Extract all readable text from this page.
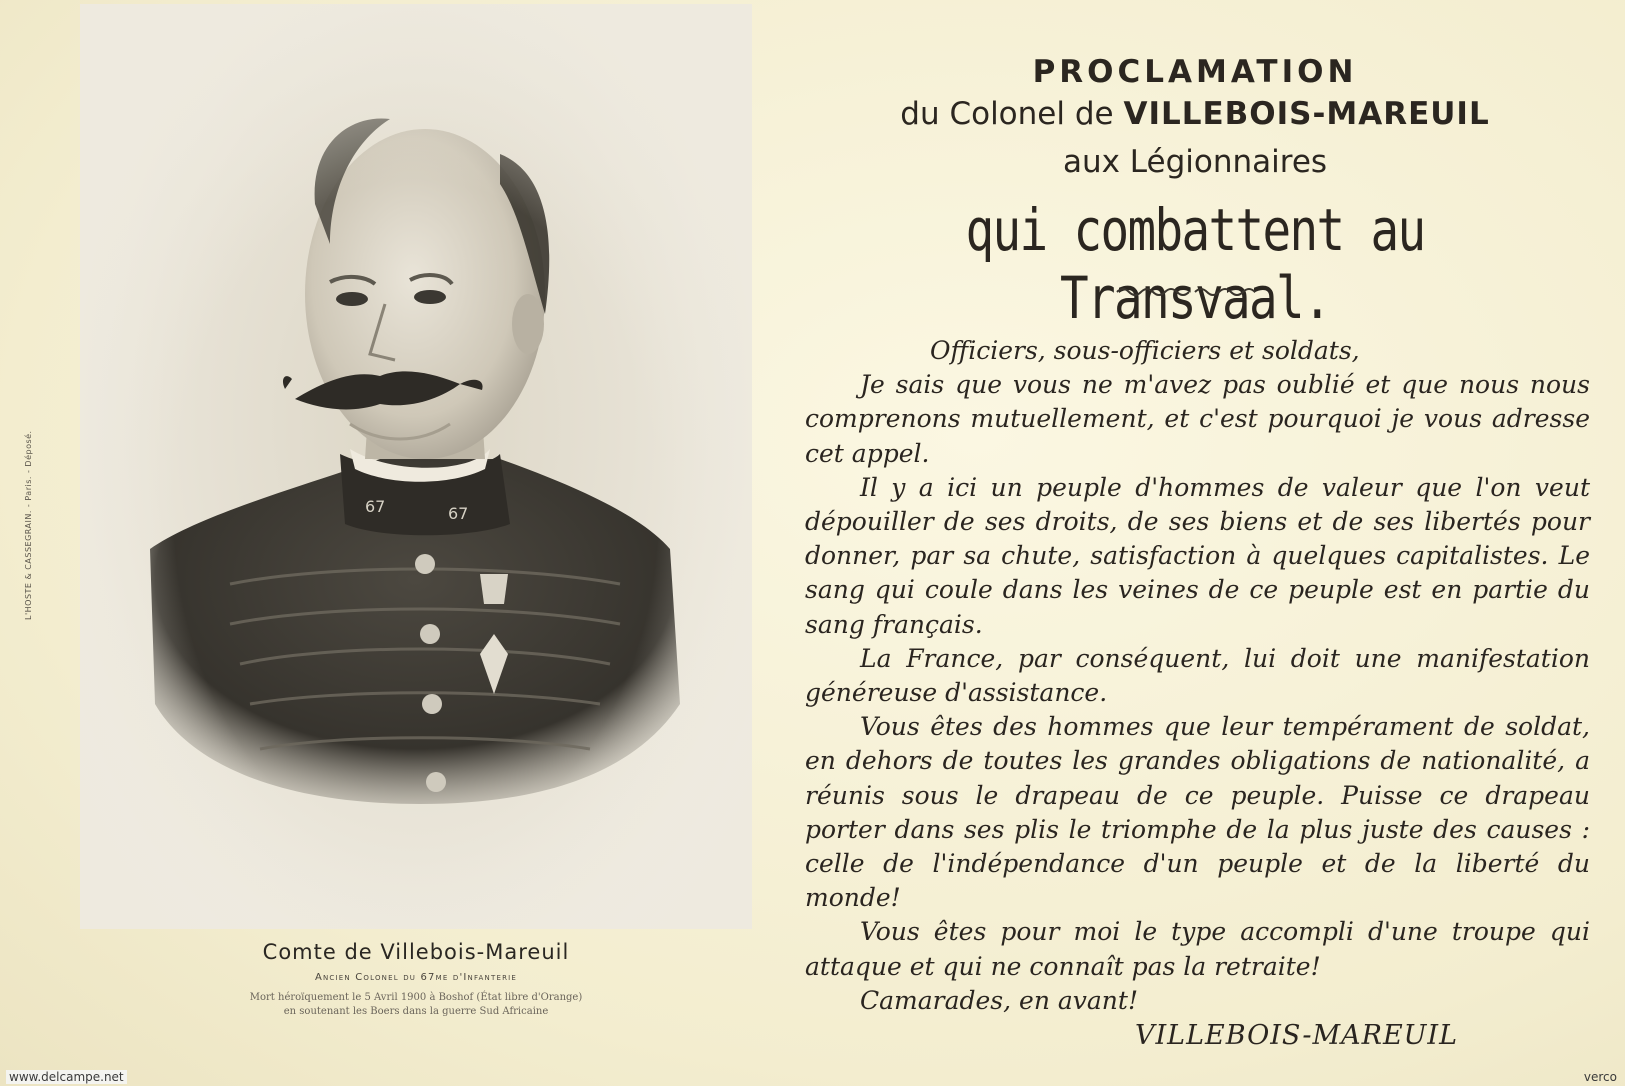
L'HOSTE & CASSEGRAIN. - Paris. - Déposé.

Comte de Villebois-Mareuil

Ancien Colonel du 67me d'Infanterie
Mort héroïquement le 5 Avril 1900 à Boshof (État libre d'Orange)
en soutenant les Boers dans la guerre Sud Africaine
PROCLAMATION
du Colonel de VILLEBOIS-MAREUIL
aux Légionnaires
qui combattent au Transvaal.

Officiers, sous-officiers et soldats,

Je sais que vous ne m'avez pas oublié et que nous nous comprenons mutuellement, et c'est pourquoi je vous adresse cet appel.

Il y a ici un peuple d'hommes de valeur que l'on veut dépouiller de ses droits, de ses biens et de ses libertés pour donner, par sa chute, satisfaction à quelques capitalistes. Le sang qui coule dans les veines de ce peuple est en partie du sang français.

La France, par conséquent, lui doit une manifestation généreuse d'assistance.

Vous êtes des hommes que leur tempérament de soldat, en dehors de toutes les grandes obligations de nationalité, a réunis sous le drapeau de ce peuple. Puisse ce drapeau porter dans ses plis le triomphe de la plus juste des causes : celle de l'indépendance d'un peuple et de la liberté du monde!

Vous êtes pour moi le type accompli d'une troupe qui attaque et qui ne connaît pas la retraite!

Camarades, en avant!

VILLEBOIS-MAREUIL
www.delcampe.net	verco
